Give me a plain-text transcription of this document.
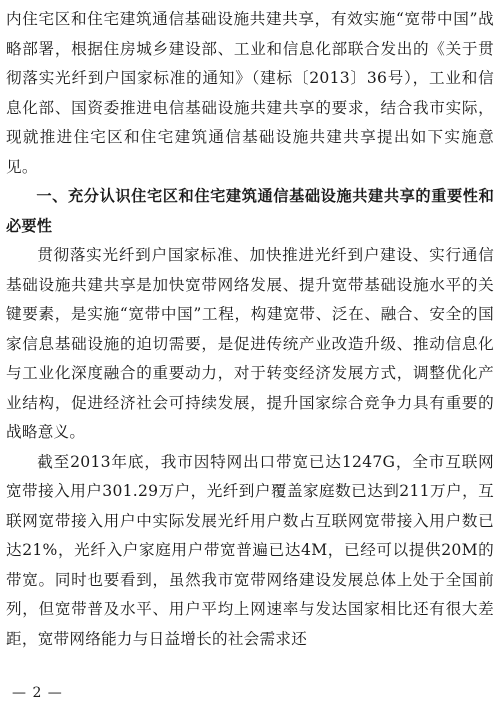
内住宅区和住宅建筑通信基础设施共建共享，有效实施“宽带中国”战略部署，根据住房城乡建设部、工业和信息化部联合发出的《关于贯彻落实光纤到户国家标准的通知》（建标〔2013〕36号），工业和信息化部、国资委推进电信基础设施共建共享的要求，结合我市实际，现就推进住宅区和住宅建筑通信基础设施共建共享提出如下实施意见。

一、充分认识住宅区和住宅建筑通信基础设施共建共享的重要性和必要性

贯彻落实光纤到户国家标准、加快推进光纤到户建设、实行通信基础设施共建共享是加快宽带网络发展、提升宽带基础设施水平的关键要素，是实施“宽带中国”工程，构建宽带、泛在、融合、安全的国家信息基础设施的迫切需要，是促进传统产业改造升级、推动信息化与工业化深度融合的重要动力，对于转变经济发展方式，调整优化产业结构，促进经济社会可持续发展，提升国家综合竞争力具有重要的战略意义。

截至2013年底，我市因特网出口带宽已达1247G，全市互联网宽带接入用户301.29万户，光纤到户覆盖家庭数已达到211万户，互联网宽带接入用户中实际发展光纤用户数占互联网宽带接入用户数已达21%，光纤入户家庭用户带宽普遍已达4M，已经可以提供20M的带宽。同时也要看到，虽然我市宽带网络建设发展总体上处于全国前列，但宽带普及水平、用户平均上网速率与发达国家相比还有很大差距，宽带网络能力与日益增长的社会需求还

— 2 —
